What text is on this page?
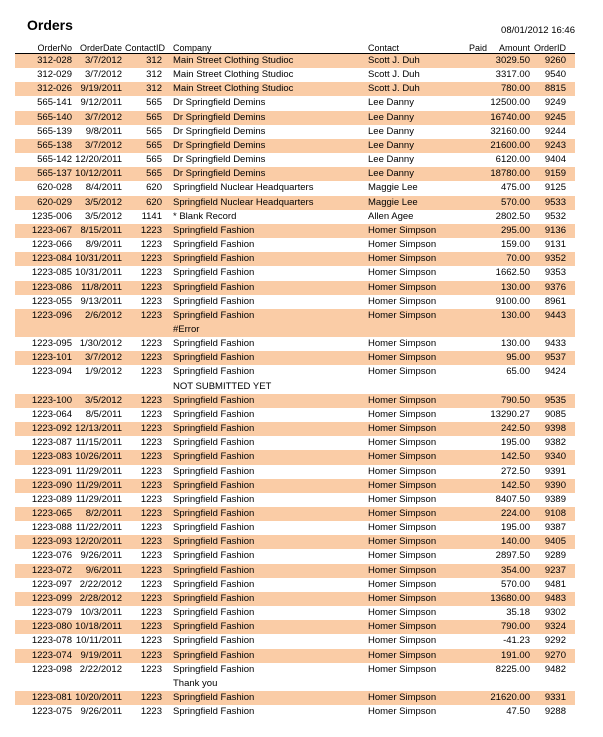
Orders	08/01/2012 16:46
OrderNo	OrderDate	ContactID	Company	Contact	Paid	Amount	OrderID
312-028	3/7/2012	312	Main Street Clothing Studioc	Scott J. Duh		3029.50	9260
312-029	3/7/2012	312	Main Street Clothing Studioc	Scott J. Duh		3317.00	9540
312-026	9/19/2011	312	Main Street Clothing Studioc	Scott J. Duh		780.00	8815
565-141	9/12/2011	565	Dr Springfield Demins	Lee Danny		12500.00	9249
565-140	3/7/2012	565	Dr Springfield Demins	Lee Danny		16740.00	9245
565-139	9/8/2011	565	Dr Springfield Demins	Lee Danny		32160.00	9244
565-138	3/7/2012	565	Dr Springfield Demins	Lee Danny		21600.00	9243
565-142	12/20/2011	565	Dr Springfield Demins	Lee Danny		6120.00	9404
565-137	10/12/2011	565	Dr Springfield Demins	Lee Danny		18780.00	9159
620-028	8/4/2011	620	Springfield Nuclear Headquarters	Maggie Lee		475.00	9125
620-029	3/5/2012	620	Springfield Nuclear Headquarters	Maggie Lee		570.00	9533
1235-006	3/5/2012	1141	* Blank Record	Allen Agee		2802.50	9532
1223-067	8/15/2011	1223	Springfield Fashion	Homer Simpson		295.00	9136
1223-066	8/9/2011	1223	Springfield Fashion	Homer Simpson		159.00	9131
1223-084	10/31/2011	1223	Springfield Fashion	Homer Simpson		70.00	9352
1223-085	10/31/2011	1223	Springfield Fashion	Homer Simpson		1662.50	9353
1223-086	11/8/2011	1223	Springfield Fashion	Homer Simpson		130.00	9376
1223-055	9/13/2011	1223	Springfield Fashion	Homer Simpson		9100.00	8961
1223-096	2/6/2012	1223	Springfield Fashion	Homer Simpson		130.00	9443
			#Error				
1223-095	1/30/2012	1223	Springfield Fashion	Homer Simpson		130.00	9433
1223-101	3/7/2012	1223	Springfield Fashion	Homer Simpson		95.00	9537
1223-094	1/9/2012	1223	Springfield Fashion	Homer Simpson		65.00	9424
			NOT SUBMITTED YET				
1223-100	3/5/2012	1223	Springfield Fashion	Homer Simpson		790.50	9535
1223-064	8/5/2011	1223	Springfield Fashion	Homer Simpson		13290.27	9085
1223-092	12/13/2011	1223	Springfield Fashion	Homer Simpson		242.50	9398
1223-087	11/15/2011	1223	Springfield Fashion	Homer Simpson		195.00	9382
1223-083	10/26/2011	1223	Springfield Fashion	Homer Simpson		142.50	9340
1223-091	11/29/2011	1223	Springfield Fashion	Homer Simpson		272.50	9391
1223-090	11/29/2011	1223	Springfield Fashion	Homer Simpson		142.50	9390
1223-089	11/29/2011	1223	Springfield Fashion	Homer Simpson		8407.50	9389
1223-065	8/2/2011	1223	Springfield Fashion	Homer Simpson		224.00	9108
1223-088	11/22/2011	1223	Springfield Fashion	Homer Simpson		195.00	9387
1223-093	12/20/2011	1223	Springfield Fashion	Homer Simpson		140.00	9405
1223-076	9/26/2011	1223	Springfield Fashion	Homer Simpson		2897.50	9289
1223-072	9/6/2011	1223	Springfield Fashion	Homer Simpson		354.00	9237
1223-097	2/22/2012	1223	Springfield Fashion	Homer Simpson		570.00	9481
1223-099	2/28/2012	1223	Springfield Fashion	Homer Simpson		13680.00	9483
1223-079	10/3/2011	1223	Springfield Fashion	Homer Simpson		35.18	9302
1223-080	10/18/2011	1223	Springfield Fashion	Homer Simpson		790.00	9324
1223-078	10/11/2011	1223	Springfield Fashion	Homer Simpson		-41.23	9292
1223-074	9/19/2011	1223	Springfield Fashion	Homer Simpson		191.00	9270
1223-098	2/22/2012	1223	Springfield Fashion	Homer Simpson		8225.00	9482
			Thank you				
1223-081	10/20/2011	1223	Springfield Fashion	Homer Simpson		21620.00	9331
1223-075	9/26/2011	1223	Springfield Fashion	Homer Simpson		47.50	9288
